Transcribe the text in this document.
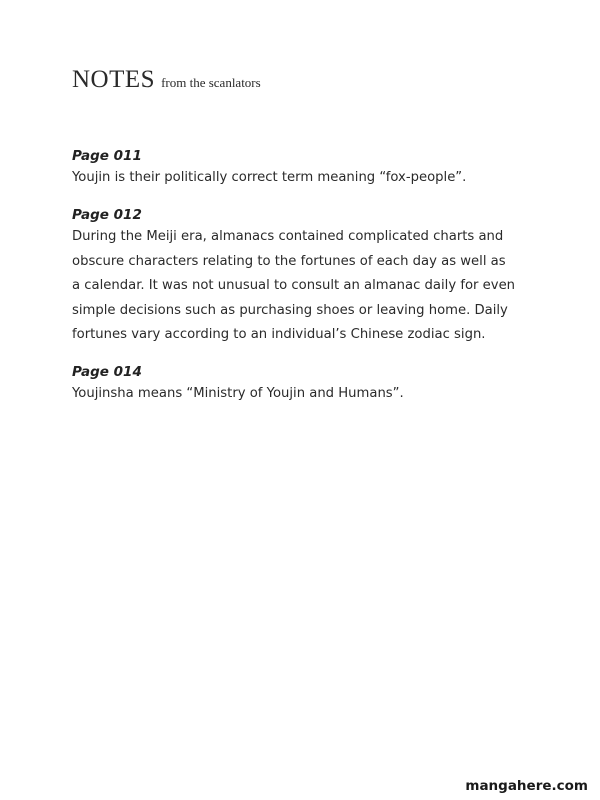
NOTES from the scanlators
Page 011
Youjin is their politically correct term meaning “fox-people”.
Page 012
During the Meiji era, almanacs contained complicated charts and
obscure characters relating to the fortunes of each day as well as
a calendar. It was not unusual to consult an almanac daily for even
simple decisions such as purchasing shoes or leaving home. Daily
fortunes vary according to an individual’s Chinese zodiac sign.
Page 014
Youjinsha means “Ministry of Youjin and Humans”.
mangahere.com
